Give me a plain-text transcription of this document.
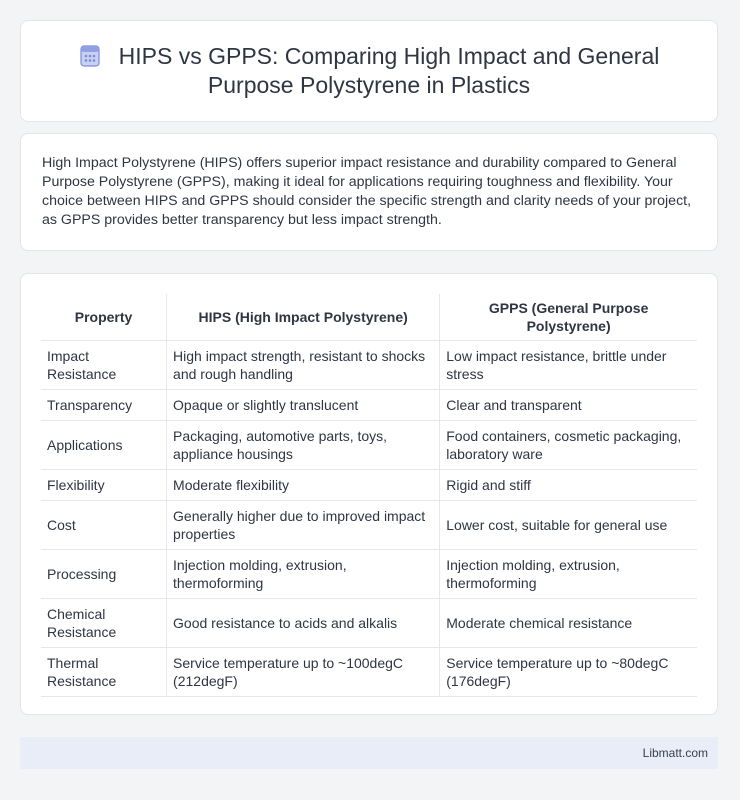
HIPS vs GPPS: Comparing High Impact and General Purpose Polystyrene in Plastics

High Impact Polystyrene (HIPS) offers superior impact resistance and durability compared to General Purpose Polystyrene (GPPS), making it ideal for applications requiring toughness and flexibility. Your choice between HIPS and GPPS should consider the specific strength and clarity needs of your project, as GPPS provides better transparency but less impact strength.

Property	HIPS (High Impact Polystyrene)	GPPS (General Purpose Polystyrene)
Impact Resistance	High impact strength, resistant to shocks and rough handling	Low impact resistance, brittle under stress
Transparency	Opaque or slightly translucent	Clear and transparent
Applications	Packaging, automotive parts, toys, appliance housings	Food containers, cosmetic packaging, laboratory ware
Flexibility	Moderate flexibility	Rigid and stiff
Cost	Generally higher due to improved impact properties	Lower cost, suitable for general use
Processing	Injection molding, extrusion, thermoforming	Injection molding, extrusion, thermoforming
Chemical Resistance	Good resistance to acids and alkalis	Moderate chemical resistance
Thermal Resistance	Service temperature up to ~100degC (212degF)	Service temperature up to ~80degC (176degF)
Libmatt.com
